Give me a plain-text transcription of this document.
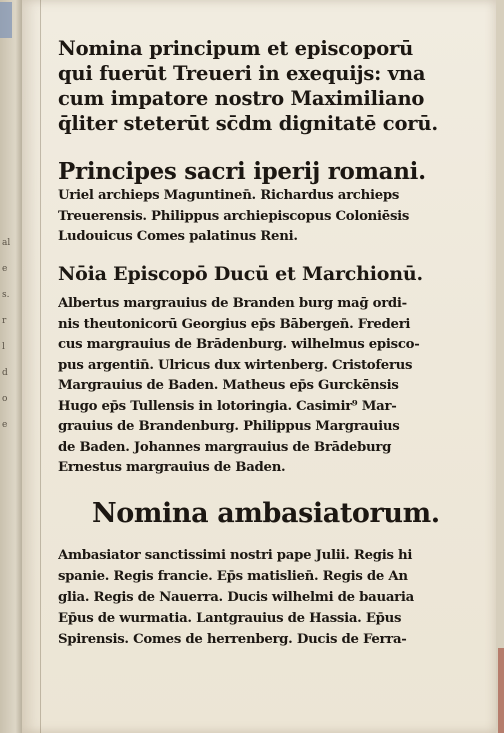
al
e
s.
r
l
d
o
e
Nomina principum et episcoporū
qui fuerūt Treueri in exequijs: vna
cum impatore nostro Maximiliano
q̄liter steterūt sc̄dm dignitatē corū.
Principes sacri iperij romani.
Uriel archieps Maguntinen̄. Richardus archieps
Treuerensis. Philippus archiepiscopus Coloniēsis
Ludouicus Comes palatinus Reni.
Nōia Episcopō Ducū et Marchionū.
Albertus margrauius de Branden burg maḡ ordi‐
nis theutonicorū Georgius ep̄s Bābergen̄. Frederi
cus margrauius de Brādenburg. wilhelmus episco‐
pus argentin̄. Ulricus dux wirtenberg. Cristoferus
Margrauius de Baden. Matheus ep̄s Gurckēnsis
Hugo ep̄s Tullensis in lotoringia. Casimir⁹ Mar‐
grauius de Brandenburg. Philippus Margrauius
de Baden. Johannes margrauius de Brādeburg
Ernestus margrauius de Baden.
Nomina ambasiatorum.
Ambasiator sanctissimi nostri pape Julii. Regis hi
spanie. Regis francie. Ep̄s matislien̄. Regis de An
glia. Regis de Nauerra. Ducis wilhelmi de bauaria
Ep̄us de wurmatia. Lantgrauius de Hassia. Ep̄us
Spirensis. Comes de herrenberg. Ducis de Ferra‐
